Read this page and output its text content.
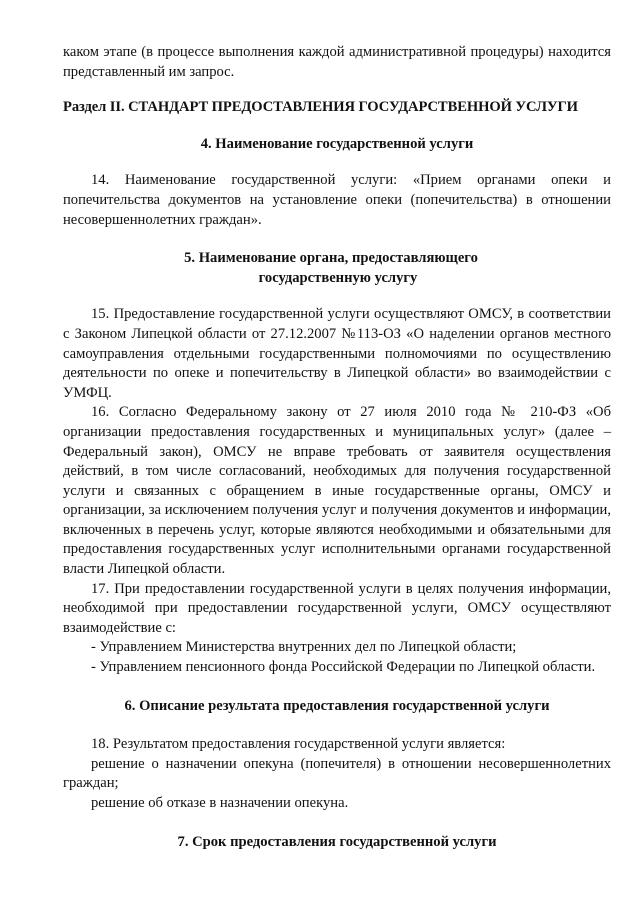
каком этапе (в процессе выполнения каждой административной процедуры) находится представленный им запрос.

Раздел II. СТАНДАРТ ПРЕДОСТАВЛЕНИЯ ГОСУДАРСТВЕННОЙ УСЛУГИ

4. Наименование государственной услуги

14. Наименование государственной услуги: «Прием органами опеки и попечительства документов на установление опеки (попечительства) в отношении несовершеннолетних граждан».

5. Наименование органа, предоставляющего
государственную услугу

15. Предоставление государственной услуги осуществляют ОМСУ, в соответствии с Законом Липецкой области от 27.12.2007 №113-ОЗ «О наделении органов местного самоуправления отдельными государственными полномочиями по осуществлению деятельности по опеке и попечительству в Липецкой области» во взаимодействии с УМФЦ.

16. Согласно Федеральному закону от 27 июля 2010 года № 210-ФЗ «Об организации предоставления государственных и муниципальных услуг» (далее – Федеральный закон), ОМСУ не вправе требовать от заявителя осуществления действий, в том числе согласований, необходимых для получения государственной услуги и связанных с обращением в иные государственные органы, ОМСУ и организации, за исключением получения услуг и получения документов и информации, включенных в перечень услуг, которые являются необходимыми и обязательными для предоставления государственных услуг исполнительными органами государственной власти Липецкой области.

17. При предоставлении государственной услуги в целях получения информации, необходимой при предоставлении государственной услуги, ОМСУ осуществляют взаимодействие с:

- Управлением Министерства внутренних дел по Липецкой области;

- Управлением пенсионного фонда Российской Федерации по Липецкой области.

6. Описание результата предоставления государственной услуги

18. Результатом предоставления государственной услуги является:

решение о назначении опекуна (попечителя) в отношении несовершеннолетних граждан;

решение об отказе в назначении опекуна.

7. Срок предоставления государственной услуги
